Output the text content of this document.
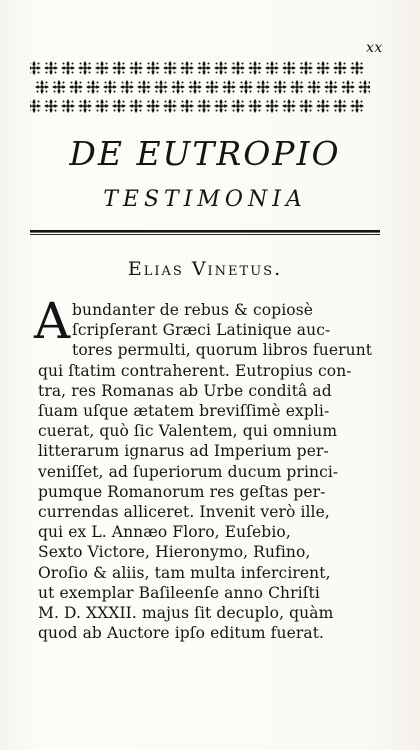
xx
DE EUTROPIO
TESTIMONIA
Elias Vinetus.
A bundanter de rebus & copiosè
ſcripſerant Græci Latinique auc-
tores permulti, quorum libros fuerunt
qui ſtatim contraherent. Eutropius con-
tra, res Romanas ab Urbe conditâ ad
ſuam uſque ætatem breviſſimè expli-
cuerat, quò ſic Valentem, qui omnium
litterarum ignarus ad Imperium per-
veniſſet, ad ſuperiorum ducum princi-
pumque Romanorum res geſtas per-
currendas alliceret. Invenit verò ille,
qui ex L. Annæo Floro, Euſebio,
Sexto Victore, Hieronymo, Rufino,
Oroſio & aliis, tam multa infercirent,
ut exemplar Baſileenſe anno Chriſti
M. D. XXXII. majus ſit decuplo, quàm
quod ab Auctore ipſo editum fuerat.
